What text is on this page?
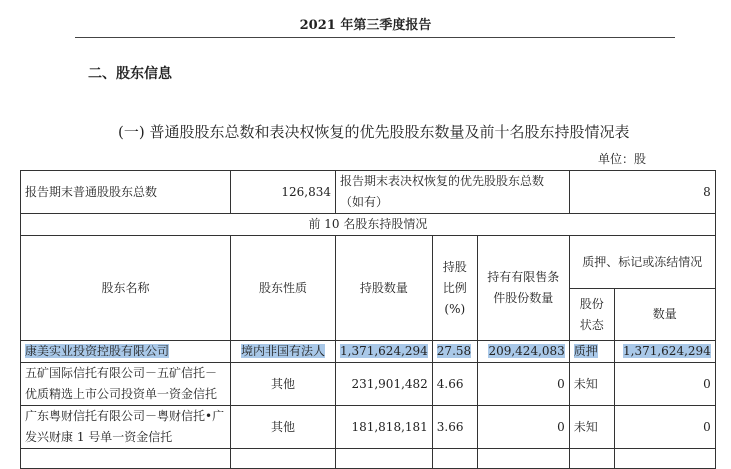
2021 年第三季度报告
二、股东信息
(一) 普通股股东总数和表决权恢复的优先股股东数量及前十名股东持股情况表
单位：股
报告期末普通股股东总数	126,834	报告期末表决权恢复的优先股股东总数（如有）			8	
前 10 名股东持股情况						
股东名称	股东性质	持股数量	持股比例(%)	持有有限售条件股份数量	质押、标记或冻结情况	
					股份状态	数量
康美实业投资控股有限公司	境内非国有法人	1,371,624,294	27.58	209,424,083	质押	1,371,624,294
五矿国际信托有限公司－五矿信托－优质精选上市公司投资单一资金信托	其他	231,901,482	4.66	0	未知	0
广东粤财信托有限公司－粤财信托•广发兴财康 1 号单一资金信托	其他	181,818,181	3.66	0	未知	0
